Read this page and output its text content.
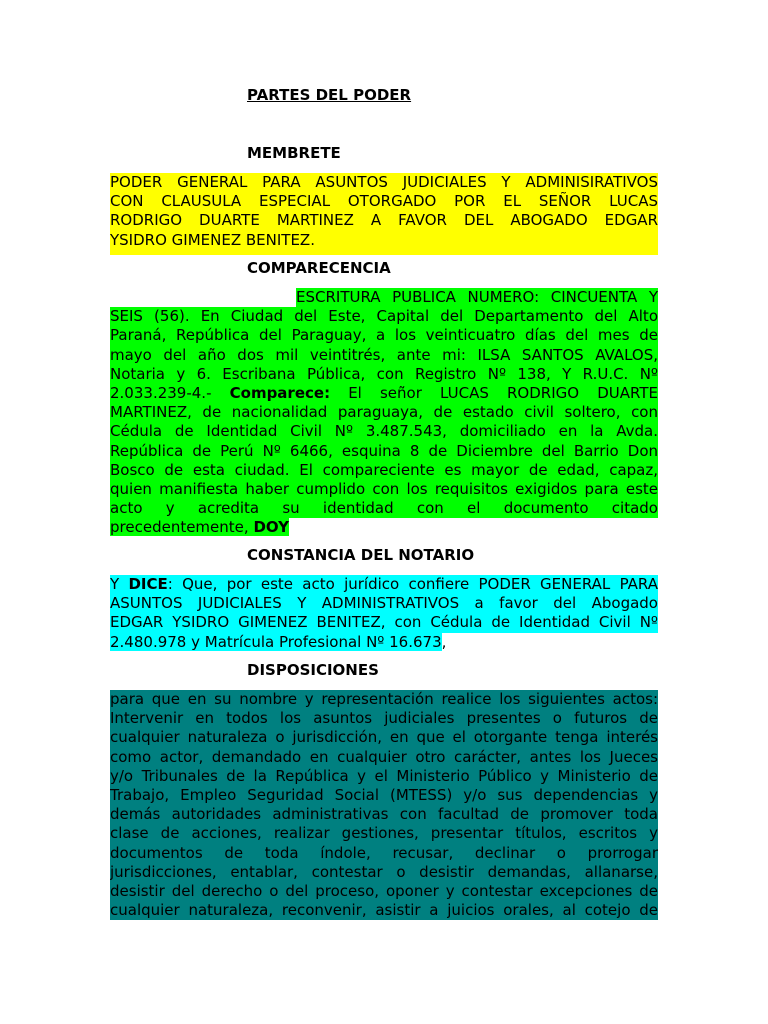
PARTES DEL PODER
MEMBRETE
PODER GENERAL PARA ASUNTOS JUDICIALES Y ADMINISIRATIVOS
CON CLAUSULA ESPECIAL OTORGADO POR EL SEÑOR LUCAS
RODRIGO DUARTE MARTINEZ A FAVOR DEL ABOGADO EDGAR
YSIDRO GIMENEZ BENITEZ.
COMPARECENCIA
ESCRITURA PUBLICA NUMERO: CINCUENTA Y
SEIS (56). En Ciudad del Este, Capital del Departamento del Alto
Paraná, República del Paraguay, a los veinticuatro días del mes de
mayo del año dos mil veintitrés, ante mi: ILSA SANTOS AVALOS,
Notaria y 6. Escribana Pública, con Registro Nº 138, Y R.U.C. Nº
2.033.239-4.- Comparece: El señor LUCAS RODRIGO DUARTE
MARTINEZ, de nacionalidad paraguaya, de estado civil soltero, con
Cédula de Identidad Civil Nº 3.487.543, domiciliado en la Avda.
República de Perú Nº 6466, esquina 8 de Diciembre del Barrio Don
Bosco de esta ciudad. El compareciente es mayor de edad, capaz,
quien manifiesta haber cumplido con los requisitos exigidos para este
acto y acredita su identidad con el documento citado
precedentemente, DOY
CONSTANCIA DEL NOTARIO
Y DICE: Que, por este acto jurídico confiere PODER GENERAL PARA
ASUNTOS JUDICIALES Y ADMINISTRATIVOS a favor del Abogado
EDGAR YSIDRO GIMENEZ BENITEZ, con Cédula de Identidad Civil Nº
2.480.978 y Matrícula Profesional Nº 16.673,
DISPOSICIONES
para que en su nombre y representación realice los siguientes actos:
Intervenir en todos los asuntos judiciales presentes o futuros de
cualquier naturaleza o jurisdicción, en que el otorgante tenga interés
como actor, demandado en cualquier otro carácter, antes los Jueces
y/o Tribunales de la República y el Ministerio Público y Ministerio de
Trabajo, Empleo Seguridad Social (MTESS) y/o sus dependencias y
demás autoridades administrativas con facultad de promover toda
clase de acciones, realizar gestiones, presentar títulos, escritos y
documentos de toda índole, recusar, declinar o prorrogar
jurisdicciones, entablar, contestar o desistir demandas, allanarse,
desistir del derecho o del proceso, oponer y contestar excepciones de
cualquier naturaleza, reconvenir, asistir a juicios orales, al cotejo de
